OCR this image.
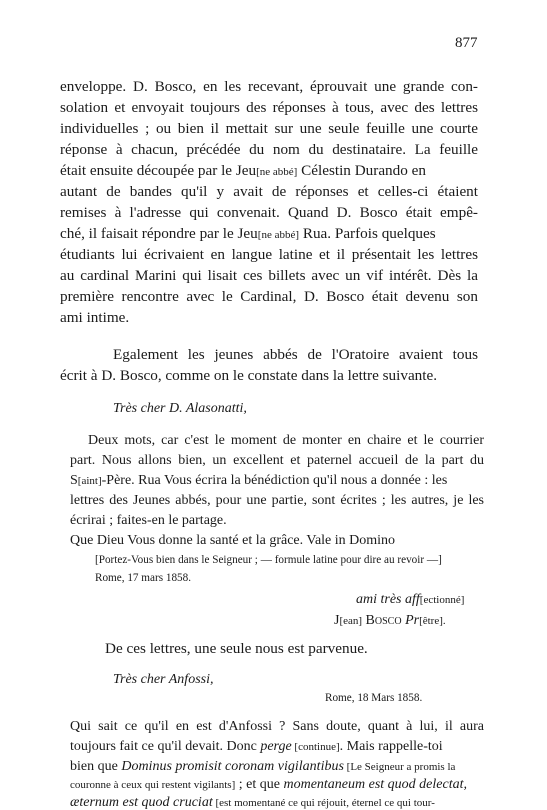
877
enveloppe. D. Bosco, en les recevant, éprouvait une grande con-
solation et envoyait toujours des réponses à tous, avec des lettres
individuelles ; ou bien il mettait sur une seule feuille une courte
réponse à chacun, précédée du nom du destinataire. La feuille
était ensuite découpée par le Jeu[ne abbé] Célestin Durando en
autant de bandes qu'il y avait de réponses et celles-ci étaient
remises à l'adresse qui convenait. Quand D. Bosco était empê-
ché, il faisait répondre par le Jeu[ne abbé] Rua. Parfois quelques
étudiants lui écrivaient en langue latine et il présentait les lettres
au cardinal Marini qui lisait ces billets avec un vif intérêt. Dès la
première rencontre avec le Cardinal, D. Bosco était devenu son
ami intime.
Egalement les jeunes abbés de l'Oratoire avaient tous
écrit à D. Bosco, comme on le constate dans la lettre suivante.
Très cher D. Alasonatti,
Deux mots, car c'est le moment de monter en chaire et le courrier
part. Nous allons bien, un excellent et paternel accueil de la part du
S[aint]-Père. Rua Vous écrira la bénédiction qu'il nous a donnée : les
lettres des Jeunes abbés, pour une partie, sont écrites ; les autres, je les
écrirai ; faites-en le partage.
Que Dieu Vous donne la santé et la grâce. Vale in Domino
[Portez-Vous bien dans le Seigneur ; — formule latine pour dire au revoir —]
Rome, 17 mars 1858.
ami très aff[ectionné]
J[ean] Bosco Pr[être].
De ces lettres, une seule nous est parvenue.
Très cher Anfossi,
Rome, 18 Mars 1858.
Qui sait ce qu'il en est d'Anfossi ? Sans doute, quant à lui, il aura
toujours fait ce qu'il devait. Donc perge [continue]. Mais rappelle-toi
bien que Dominus promisit coronam vigilantibus [Le Seigneur a promis la
couronne à ceux qui restent vigilants] ; et que momentaneum est quod delectat,
æternum est quod cruciat [est momentané ce qui réjouit, éternel ce qui tour-
